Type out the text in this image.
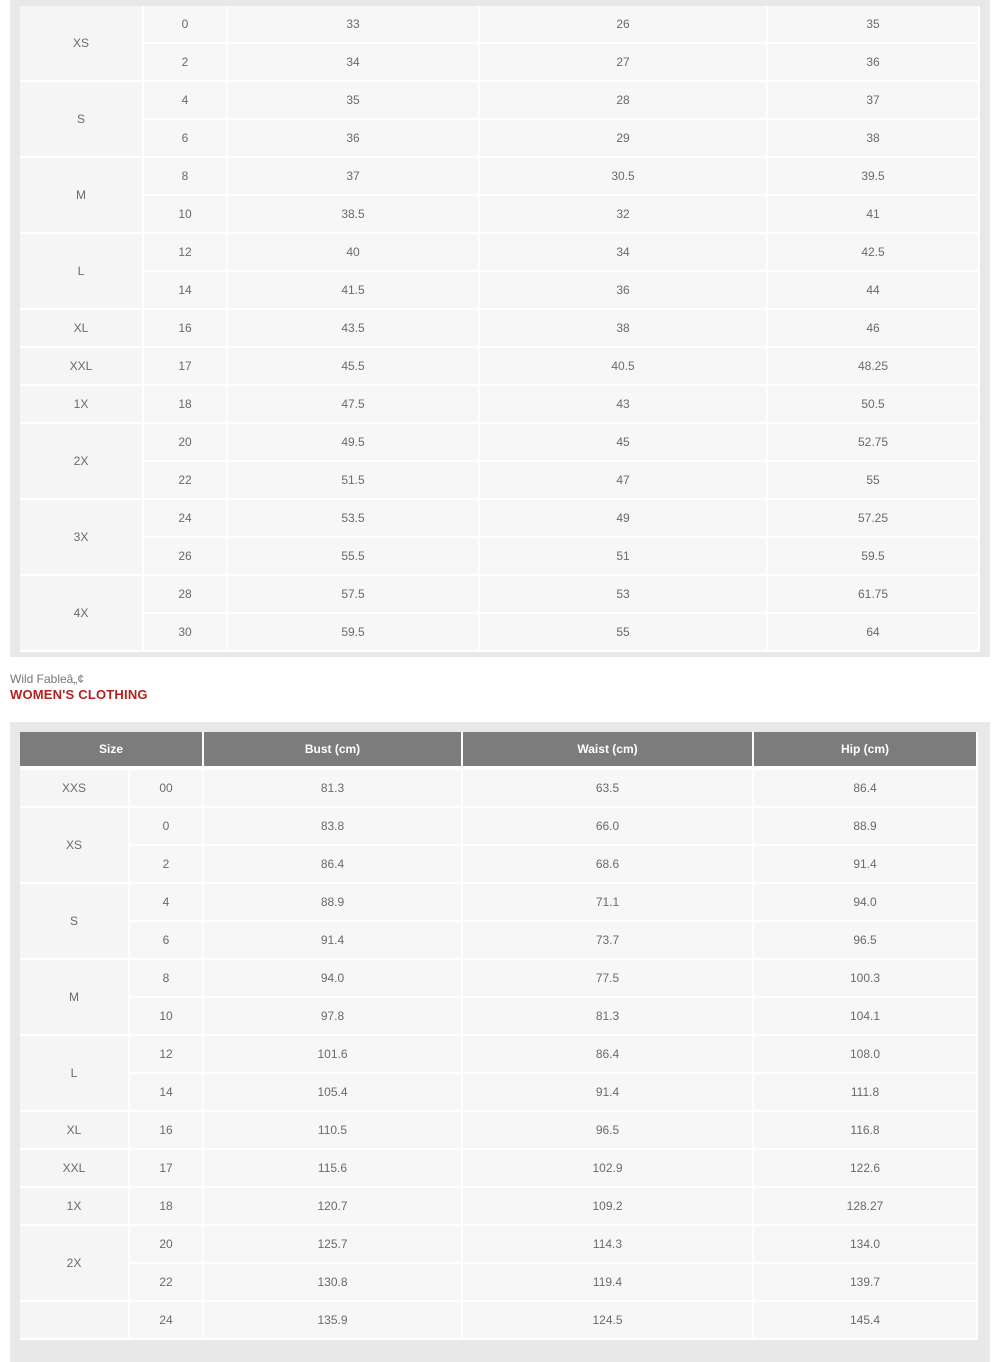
XS	0	33	26	35
	2	34	27	36
S	4	35	28	37
	6	36	29	38
M	8	37	30.5	39.5
	10	38.5	32	41
L	12	40	34	42.5
	14	41.5	36	44
XL	16	43.5	38	46
XXL	17	45.5	40.5	48.25
1X	18	47.5	43	50.5
2X	20	49.5	45	52.75
	22	51.5	47	55
3X	24	53.5	49	57.25
	26	55.5	51	59.5
4X	28	57.5	53	61.75
	30	59.5	55	64
Wild Fableâ„¢
WOMEN'S CLOTHING
Size		Bust (cm)	Waist (cm)	Hip (cm)
XXS	00	81.3	63.5	86.4
XS	0	83.8	66.0	88.9
	2	86.4	68.6	91.4
S	4	88.9	71.1	94.0
	6	91.4	73.7	96.5
M	8	94.0	77.5	100.3
	10	97.8	81.3	104.1
L	12	101.6	86.4	108.0
	14	105.4	91.4	111.8
XL	16	110.5	96.5	116.8
XXL	17	115.6	102.9	122.6
1X	18	120.7	109.2	128.27
2X	20	125.7	114.3	134.0
	22	130.8	119.4	139.7
	24	135.9	124.5	145.4
